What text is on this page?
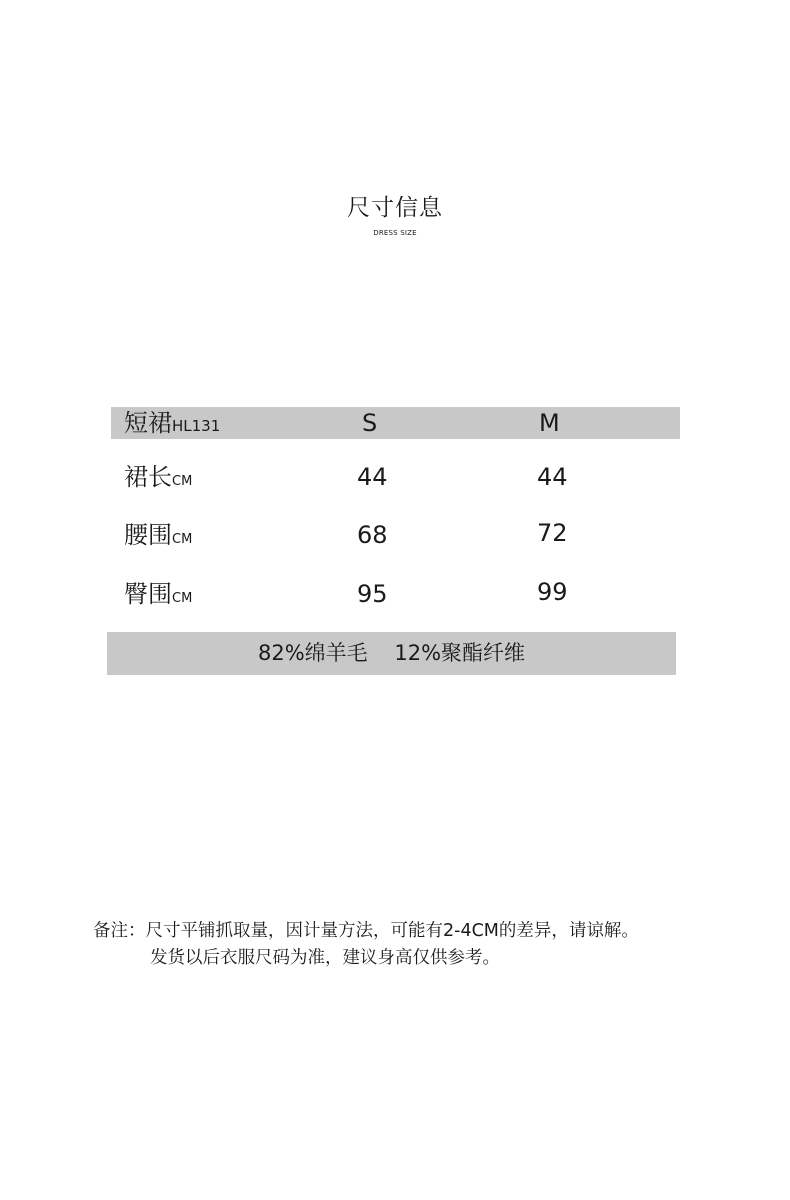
尺寸信息
DRESS SIZE
短裙HL131	S	M
裙长CM	44	44
腰围CM	68	72
臀围CM	95	99
82%绵羊毛    12%聚酯纤维
备注：尺寸平铺抓取量，因计量方法，可能有2-4CM的差异，请谅解。
发货以后衣服尺码为准，建议身高仅供参考。
